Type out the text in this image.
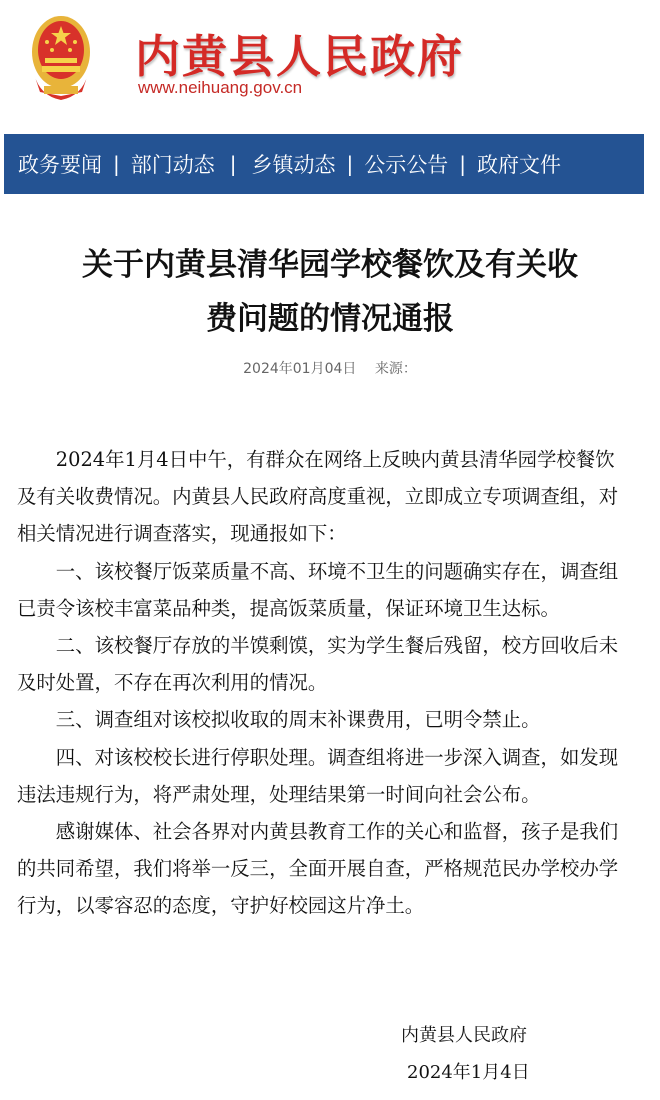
内黄县人民政府
www.neihuang.gov.cn
政务要闻 | 部门动态 | 乡镇动态 | 公示公告 | 政府文件
关于内黄县清华园学校餐饮及有关收
费问题的情况通报
2024年01月04日 来源：

2024年1月4日中午，有群众在网络上反映内黄县清华园学校餐饮及有关收费情况。内黄县人民政府高度重视，立即成立专项调查组，对相关情况进行调查落实，现通报如下：

一、该校餐厅饭菜质量不高、环境不卫生的问题确实存在，调查组已责令该校丰富菜品种类，提高饭菜质量，保证环境卫生达标。

二、该校餐厅存放的半馍剩馍，实为学生餐后残留，校方回收后未及时处置，不存在再次利用的情况。

三、调查组对该校拟收取的周末补课费用，已明令禁止。

四、对该校校长进行停职处理。调查组将进一步深入调查，如发现违法违规行为，将严肃处理，处理结果第一时间向社会公布。

感谢媒体、社会各界对内黄县教育工作的关心和监督，孩子是我们的共同希望，我们将举一反三，全面开展自查，严格规范民办学校办学行为，以零容忍的态度，守护好校园这片净土。

内黄县人民政府
2024年1月4日
